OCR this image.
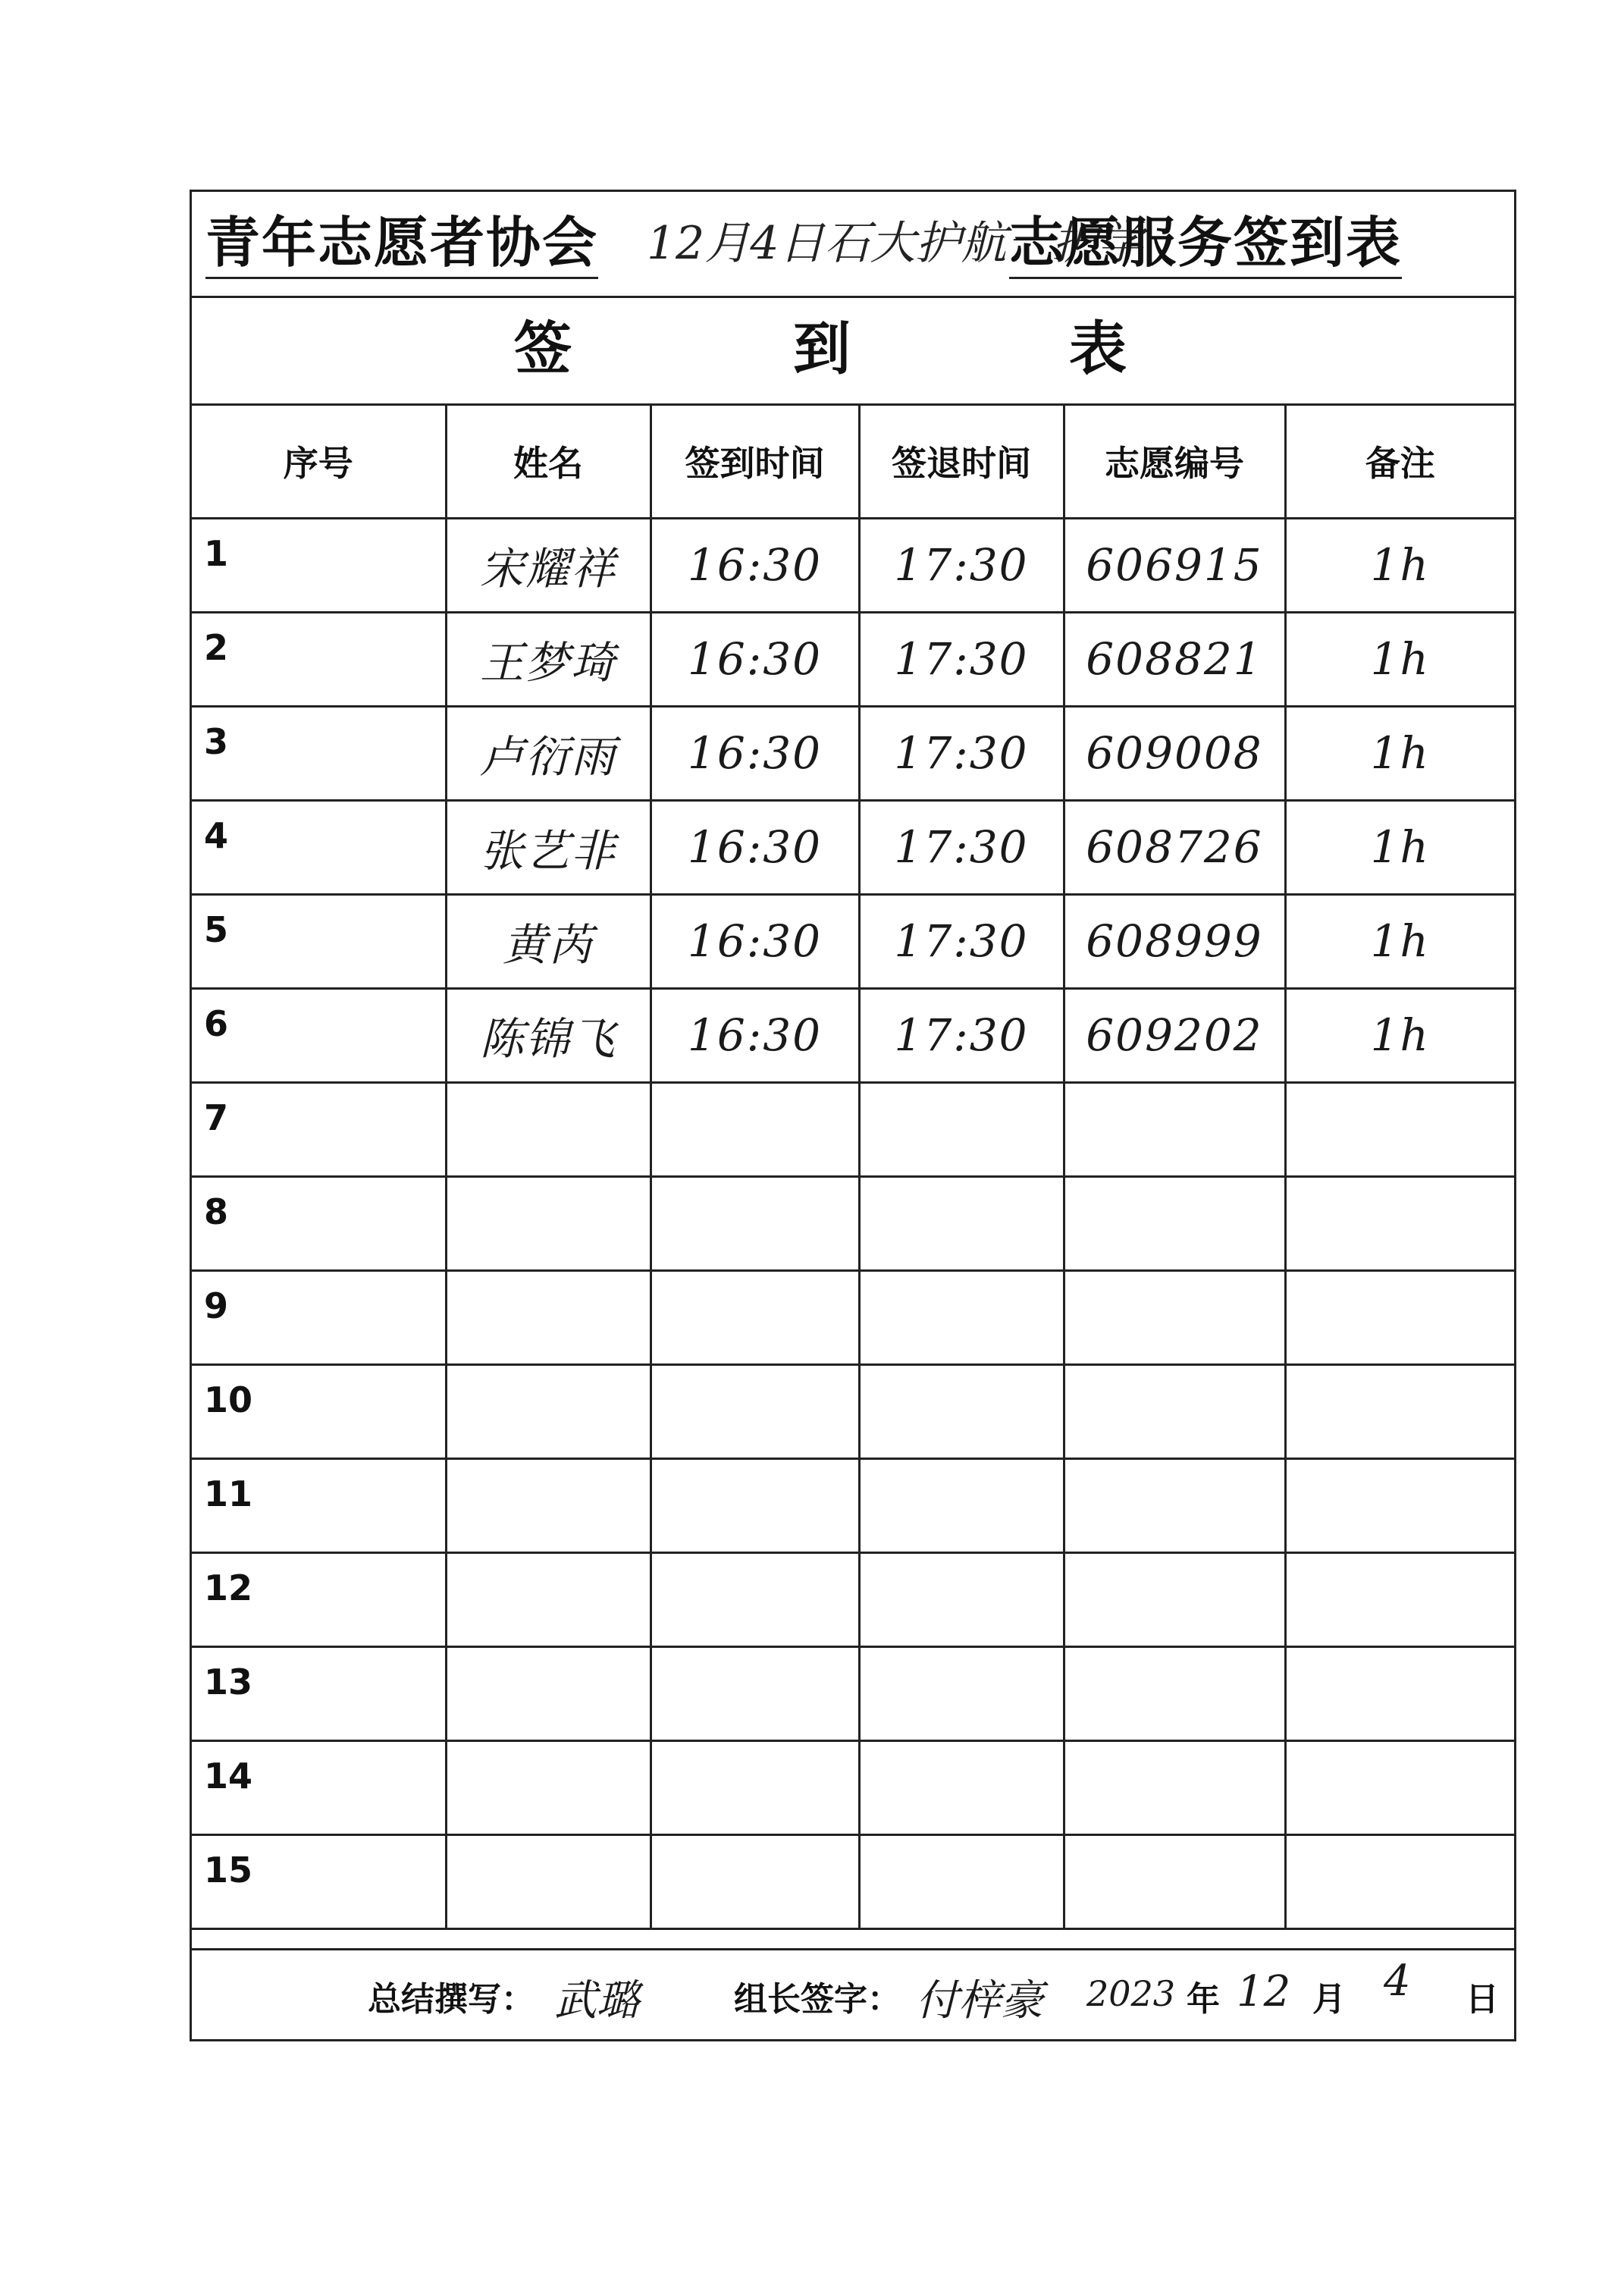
青年志愿者协会 12月4日石大护航一护学
志愿服务签到表
签	到	表
序号	姓名	签到时间	签退时间	志愿编号	备注

1	宋耀祥	16:30	17:30	606915	1h

2	王梦琦	16:30	17:30	608821	1h

3	卢衍雨	16:30	17:30	609008	1h

4	张艺非	16:30	17:30	608726	1h

5	黄芮	16:30	17:30	608999	1h

6	陈锦飞	16:30	17:30	609202	1h

7					

8					

9					

10					

11					

12					

13					

14					

15					

总结撰写： 武璐	组长签字： 付梓豪 2023 年 12 月 4 日
